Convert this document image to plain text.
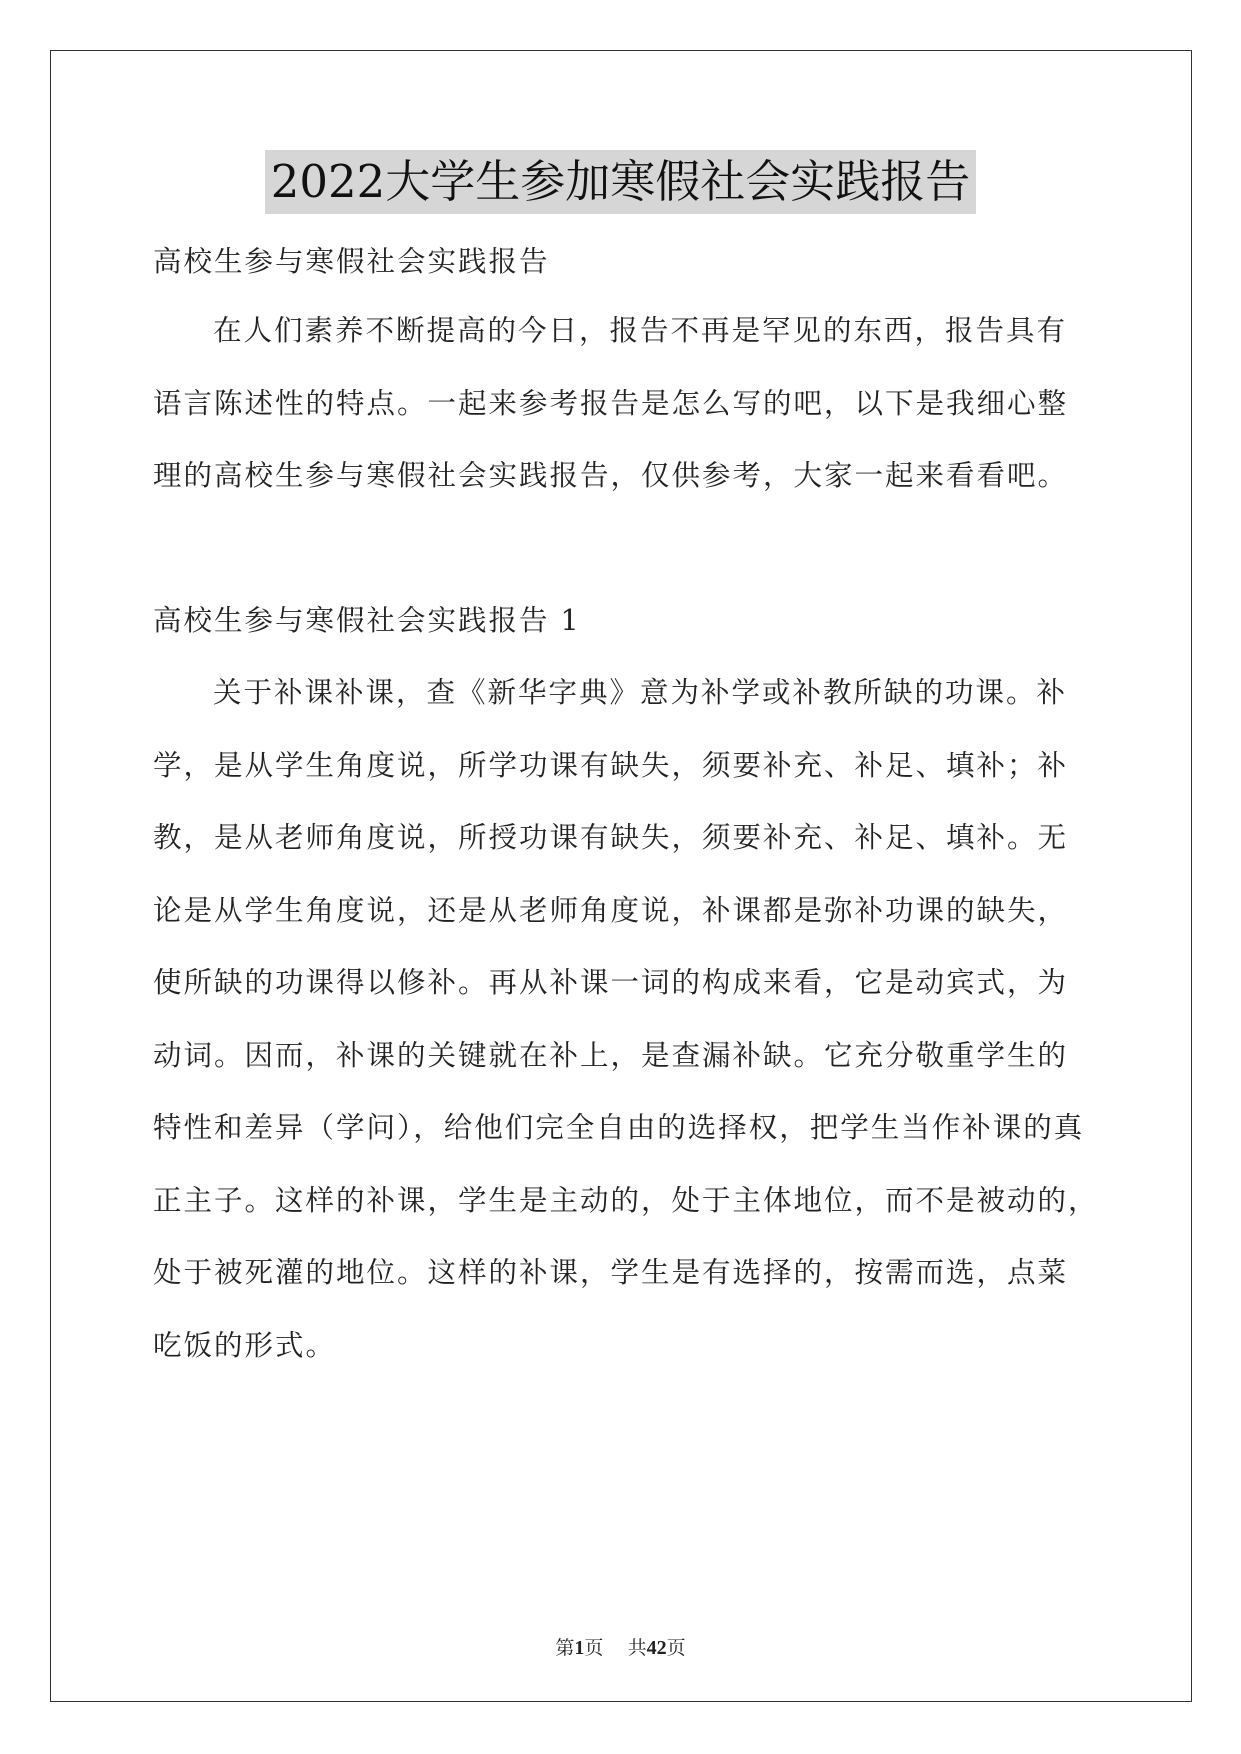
2022大学生参加寒假社会实践报告
高校生参与寒假社会实践报告
在人们素养不断提高的今日，报告不再是罕见的东西，报告具有
语言陈述性的特点。一起来参考报告是怎么写的吧，以下是我细心整
理的高校生参与寒假社会实践报告，仅供参考，大家一起来看看吧。
高校生参与寒假社会实践报告 1
关于补课补课，查《新华字典》意为补学或补教所缺的功课。补
学，是从学生角度说，所学功课有缺失，须要补充、补足、填补；补
教，是从老师角度说，所授功课有缺失，须要补充、补足、填补。无
论是从学生角度说，还是从老师角度说，补课都是弥补功课的缺失，
使所缺的功课得以修补。再从补课一词的构成来看，它是动宾式，为
动词。因而，补课的关键就在补上，是查漏补缺。它充分敬重学生的
特性和差异（学问），给他们完全自由的选择权，把学生当作补课的真
正主子。这样的补课，学生是主动的，处于主体地位，而不是被动的，
处于被死灌的地位。这样的补课，学生是有选择的，按需而选，点菜
吃饭的形式。
第1页 共42页
